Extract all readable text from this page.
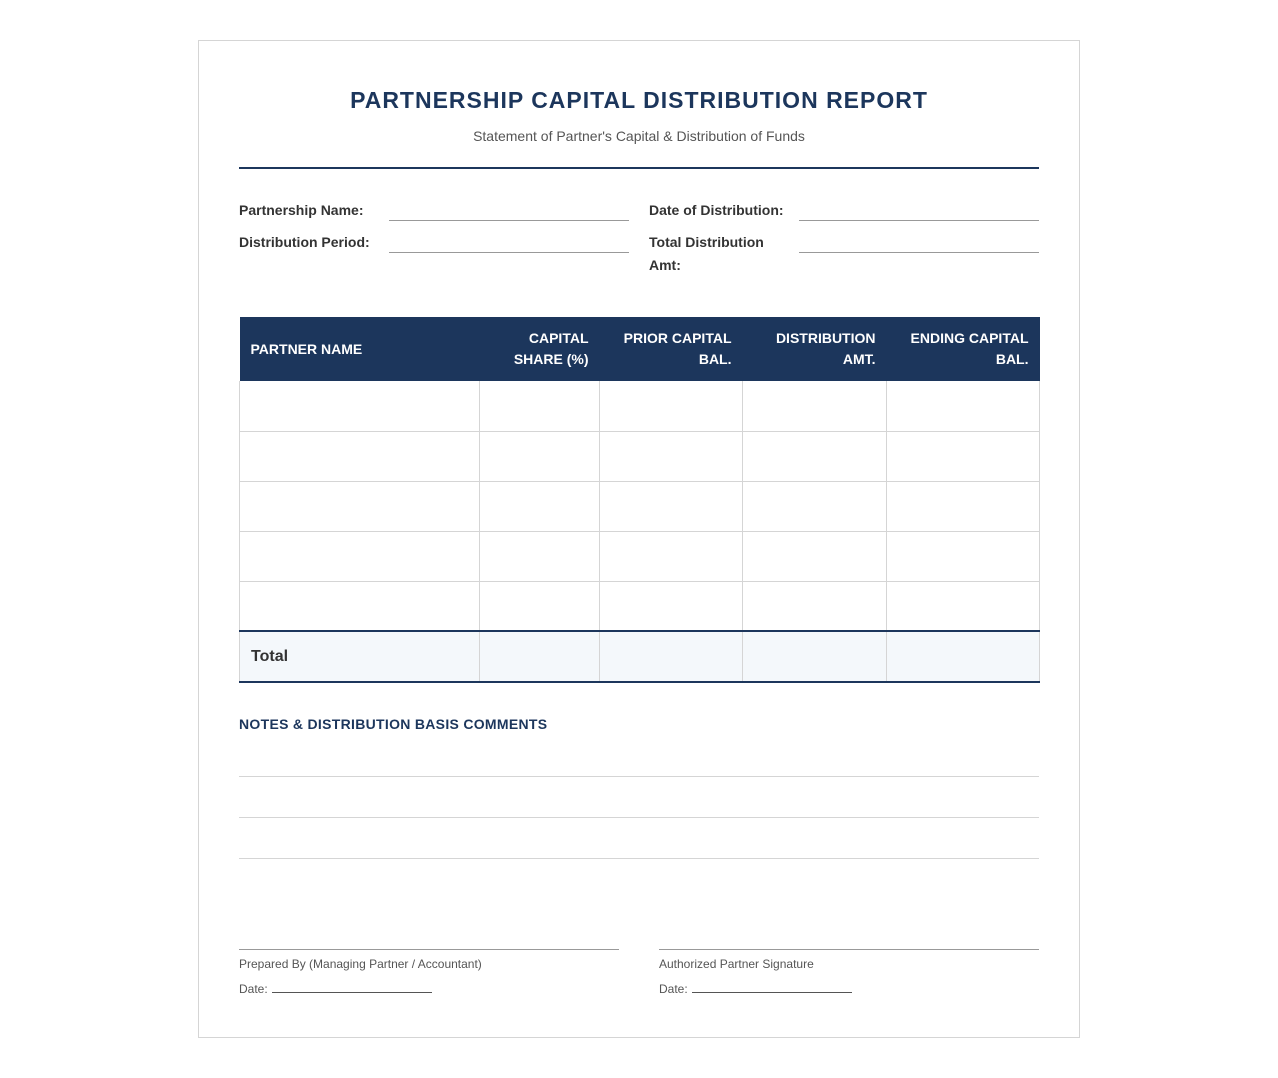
PARTNERSHIP CAPITAL DISTRIBUTION REPORT
Statement of Partner's Capital & Distribution of Funds
Partnership Name:	Date of Distribution:
Distribution Period:	Total Distribution Amt:
PARTNER NAME	CAPITAL SHARE (%)	PRIOR CAPITAL BAL.	DISTRIBUTION AMT.	ENDING CAPITAL BAL.

Total				
NOTES & DISTRIBUTION BASIS COMMENTS
Prepared By (Managing Partner / Accountant)
Date:
Authorized Partner Signature
Date:
